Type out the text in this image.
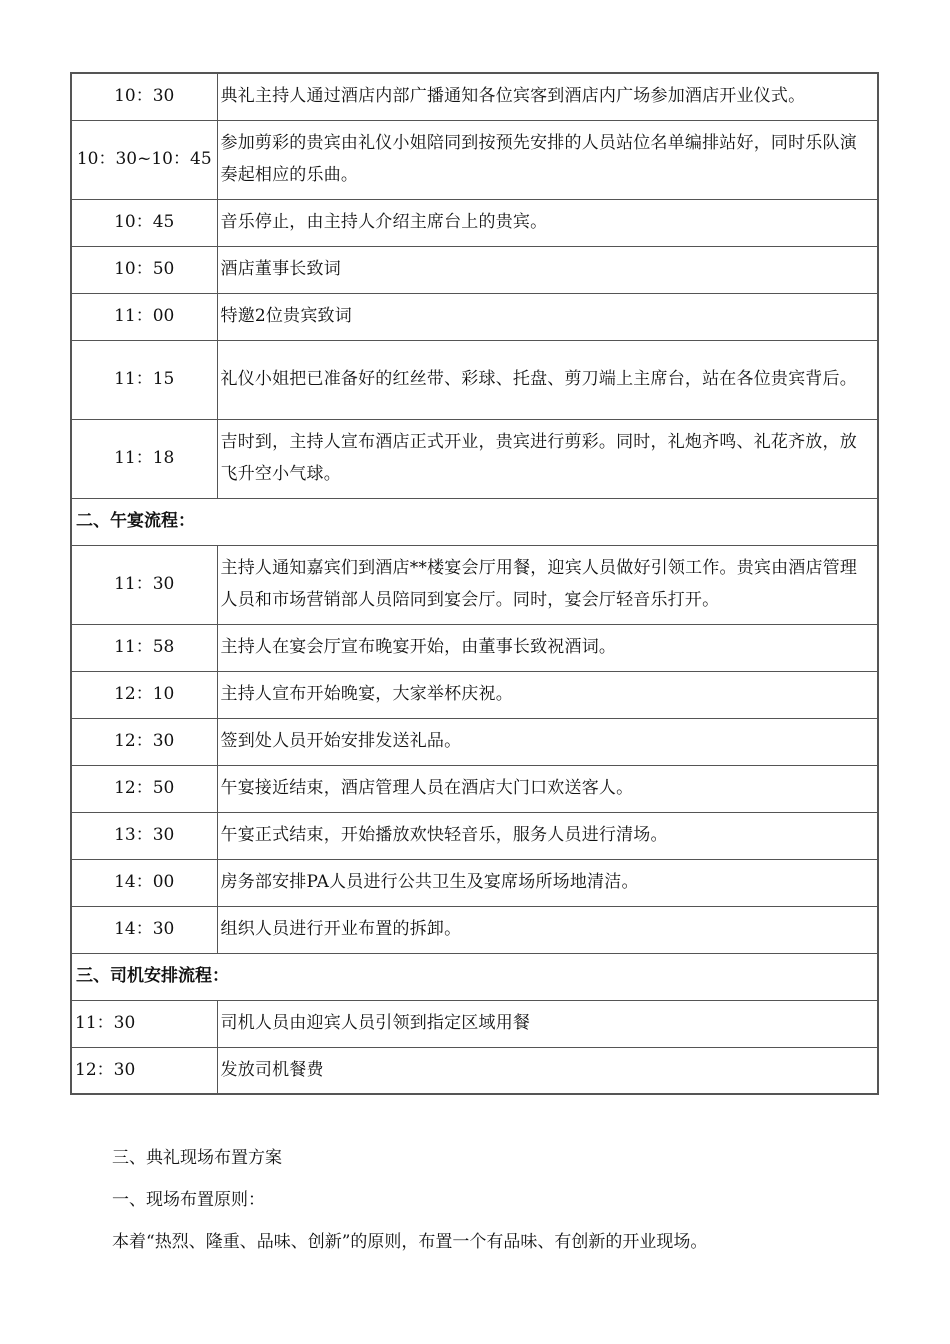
10：30	典礼主持人通过酒店内部广播通知各位宾客到酒店内广场参加酒店开业仪式。
10：30~10：45	参加剪彩的贵宾由礼仪小姐陪同到按预先安排的人员站位名单编排站好，同时乐队演奏起相应的乐曲。
10：45	音乐停止，由主持人介绍主席台上的贵宾。
10：50	酒店董事长致词
11：00	特邀2位贵宾致词
11：15	礼仪小姐把已准备好的红丝带、彩球、托盘、剪刀端上主席台，站在各位贵宾背后。
11：18	吉时到，主持人宣布酒店正式开业，贵宾进行剪彩。同时，礼炮齐鸣、礼花齐放，放飞升空小气球。
二、午宴流程：	
11：30	主持人通知嘉宾们到酒店**楼宴会厅用餐，迎宾人员做好引领工作。贵宾由酒店管理人员和市场营销部人员陪同到宴会厅。同时，宴会厅轻音乐打开。
11：58	主持人在宴会厅宣布晚宴开始，由董事长致祝酒词。
12：10	主持人宣布开始晚宴，大家举杯庆祝。
12：30	签到处人员开始安排发送礼品。
12：50	午宴接近结束，酒店管理人员在酒店大门口欢送客人。
13：30	午宴正式结束，开始播放欢快轻音乐，服务人员进行清场。
14：00	房务部安排PA人员进行公共卫生及宴席场所场地清洁。
14：30	组织人员进行开业布置的拆卸。
三、司机安排流程：	
11：30	司机人员由迎宾人员引领到指定区域用餐
12：30	发放司机餐费

三、典礼现场布置方案

一、现场布置原则：

本着“热烈、隆重、品味、创新”的原则，布置一个有品味、有创新的开业现场。
